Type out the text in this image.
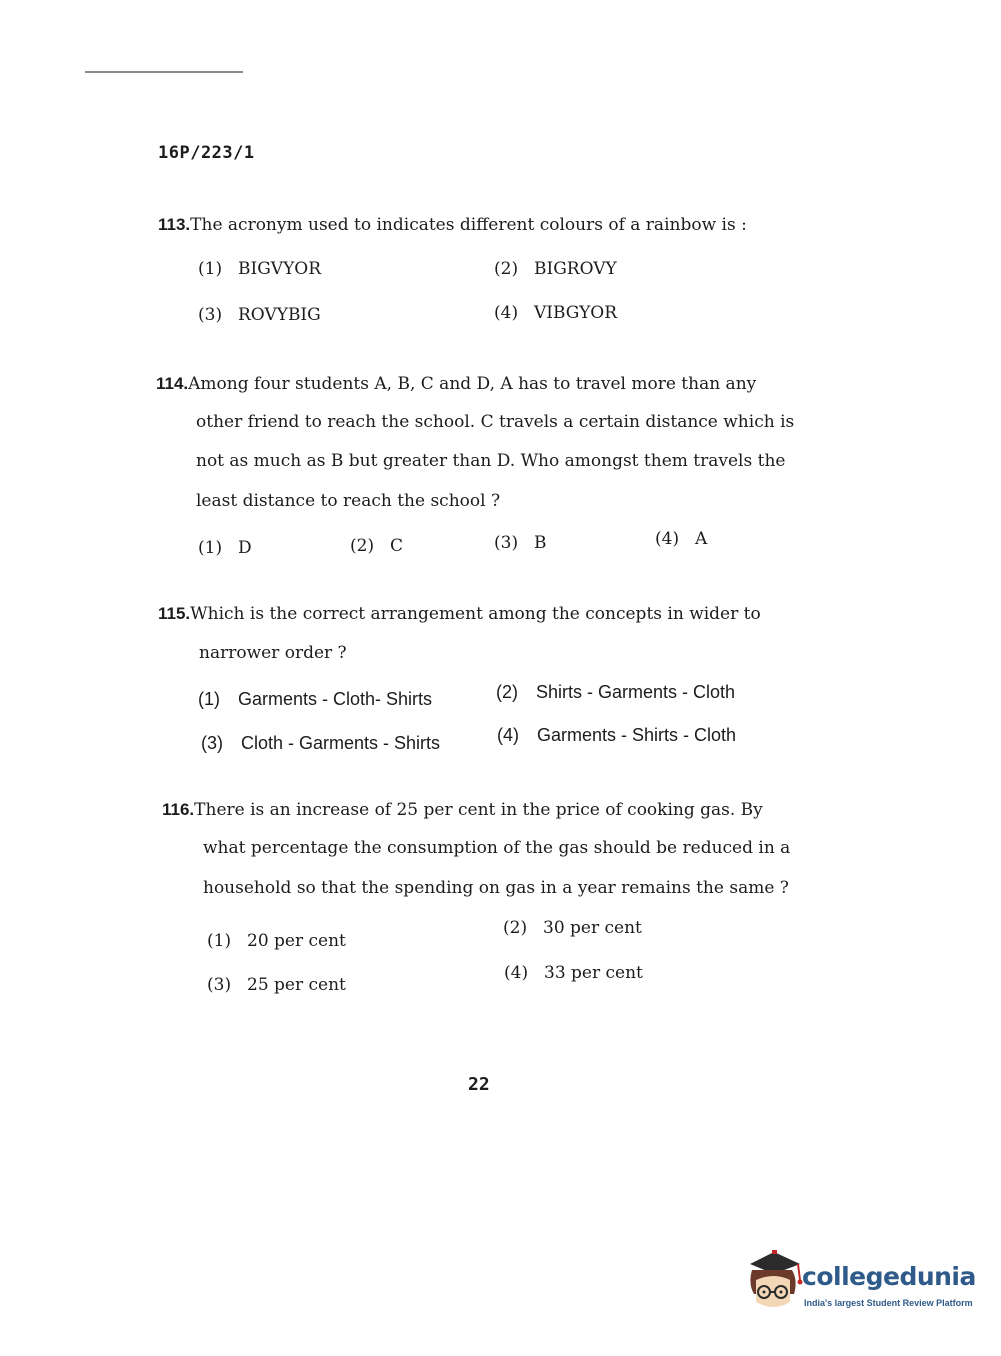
16P/223/1
113.The acronym used to indicates different colours of a rainbow is :
(1) BIGVYOR	(2) BIGROVY
(3) ROVYBIG	(4) VIBGYOR
114.Among four students A, B, C and D, A has to travel more than any
other friend to reach the school. C travels a certain distance which is
not as much as B but greater than D. Who amongst them travels the
least distance to reach the school ?
(1) D	(2) C	(3) B	(4) A
115.Which is the correct arrangement among the concepts in wider to
narrower order ?
(1) Garments - Cloth- Shirts	(2) Shirts - Garments - Cloth
(3) Cloth - Garments - Shirts	(4) Garments - Shirts - Cloth
116.There is an increase of 25 per cent in the price of cooking gas. By
what percentage the consumption of the gas should be reduced in a
household so that the spending on gas in a year remains the same ?
(1) 20 per cent
(2) 30 per cent
(3) 25 per cent
(4) 33 per cent
22
collegedunia
India's largest Student Review Platform
